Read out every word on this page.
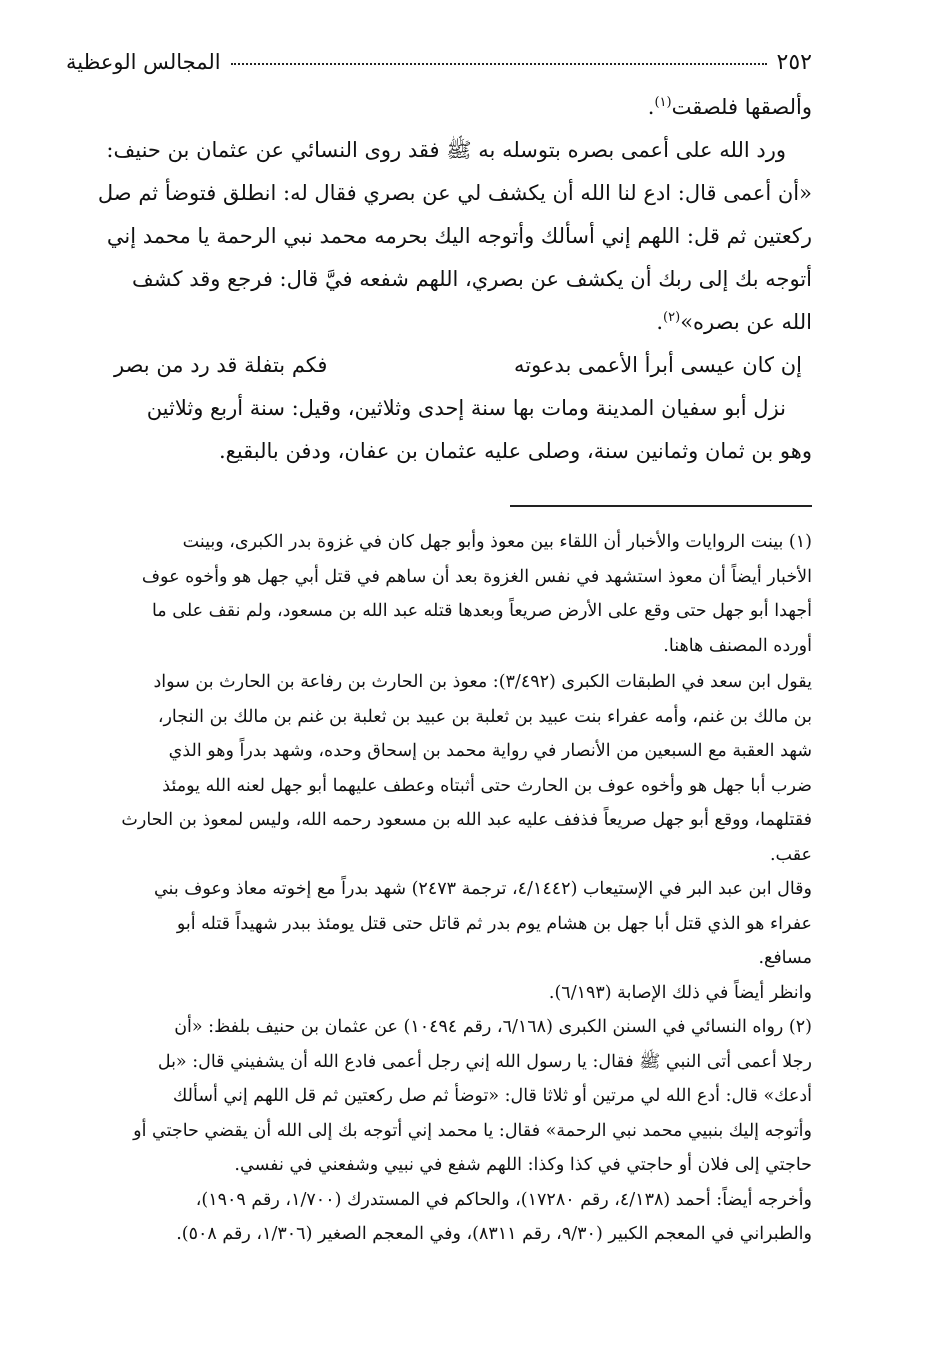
٢٥٢
المجالس الوعظية

وألصقها فلصقت$^{(١)}$.

ورد الله على أعمى بصره بتوسله به ﷺ فقد روى النسائي عن عثمان بن حنيف:

«أن أعمى قال: ادع لنا الله أن يكشف لي عن بصري فقال له: انطلق فتوضأ ثم صل

ركعتين ثم قل: اللهم إني أسألك وأتوجه اليك بحرمه محمد نبي الرحمة يا محمد إني

أتوجه بك إلى ربك أن يكشف عن بصري، اللهم شفعه فيَّ قال: فرجع وقد كشف

الله عن بصره»$^{(٢)}$.

إن كان عيسى أبرأ الأعمى بدعوته
فكم بتفلة قد رد من بصر

نزل أبو سفيان المدينة ومات بها سنة إحدى وثلاثين، وقيل: سنة أربع وثلاثين

وهو بن ثمان وثمانين سنة، وصلى عليه عثمان بن عفان، ودفن بالبقيع.

(١) بينت الروايات والأخبار أن اللقاء بين معوذ وأبو جهل كان في غزوة بدر الكبرى، وبينت

الأخبار أيضاً أن معوذ استشهد في نفس الغزوة بعد أن ساهم في قتل أبي جهل هو وأخوه عوف

أجهدا أبو جهل حتى وقع على الأرض صريعاً وبعدها قتله عبد الله بن مسعود، ولم نقف على ما

أورده المصنف هاهنا.

يقول ابن سعد في الطبقات الكبرى (٣/٤٩٢): معوذ بن الحارث بن رفاعة بن الحارث بن سواد

بن مالك بن غنم، وأمه عفراء بنت عبيد بن ثعلبة بن عبيد بن ثعلبة بن غنم بن مالك بن النجار،

شهد العقبة مع السبعين من الأنصار في رواية محمد بن إسحاق وحده، وشهد بدراً وهو الذي

ضرب أبا جهل هو وأخوه عوف بن الحارث حتى أثبتاه وعطف عليهما أبو جهل لعنه الله يومئذ

فقتلهما، ووقع أبو جهل صريعاً فذفف عليه عبد الله بن مسعود رحمه الله، وليس لمعوذ بن الحارث

عقب.

وقال ابن عبد البر في الإستيعاب (٤/١٤٤٢، ترجمة ٢٤٧٣) شهد بدراً مع إخوته معاذ وعوف بني

عفراء هو الذي قتل أبا جهل بن هشام يوم بدر ثم قاتل حتى قتل يومئذ ببدر شهيداً قتله أبو

مسافع.

وانظر أيضاً في ذلك الإصابة (٦/١٩٣).

(٢) رواه النسائي في السنن الكبرى (٦/١٦٨، رقم ١٠٤٩٤) عن عثمان بن حنيف بلفظ: «أن

رجلا أعمى أتى النبي ﷺ فقال: يا رسول الله إني رجل أعمى فادع الله أن يشفيني قال: «بل

أدعك» قال: أدع الله لي مرتين أو ثلاثا قال: «توضأ ثم صل ركعتين ثم قل اللهم إني أسألك

وأتوجه إليك بنبيي محمد نبي الرحمة» فقال: يا محمد إني أتوجه بك إلى الله أن يقضي حاجتي أو

حاجتي إلى فلان أو حاجتي في كذا وكذا: اللهم شفع في نبيي وشفعني في نفسي.

وأخرجه أيضاً: أحمد (٤/١٣٨، رقم ١٧٢٨٠)، والحاكم في المستدرك (١/٧٠٠، رقم ١٩٠٩)،

والطبراني في المعجم الكبير (٩/٣٠، رقم ٨٣١١)، وفي المعجم الصغير (١/٣٠٦، رقم ٥٠٨).
